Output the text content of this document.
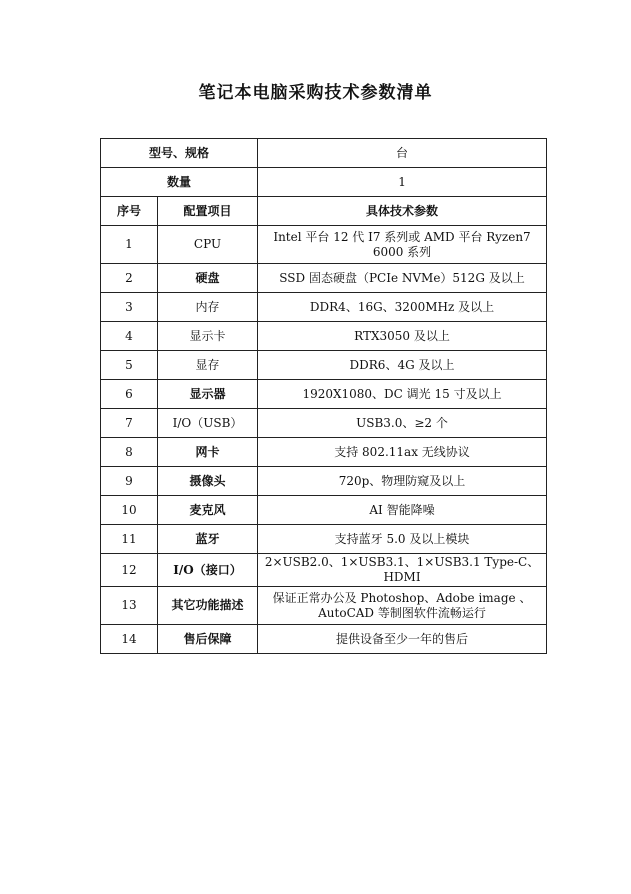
笔记本电脑采购技术参数清单
型号、规格		台
数量		1
序号	配置项目	具体技术参数
1	CPU	Intel 平台 12 代 I7 系列或 AMD 平台 Ryzen7 6000 系列
2	硬盘	SSD 固态硬盘（PCIe NVMe）512G 及以上
3	内存	DDR4、16G、3200MHz 及以上
4	显示卡	RTX3050 及以上
5	显存	DDR6、4G 及以上
6	显示器	1920X1080、DC 调光 15 寸及以上
7	I/O（USB）	USB3.0、≥2 个
8	网卡	支持 802.11ax 无线协议
9	摄像头	720p、物理防窥及以上
10	麦克风	AI 智能降噪
11	蓝牙	支持蓝牙 5.0 及以上模块
12	I/O（接口）	2×USB2.0、1×USB3.1、1×USB3.1 Type-C、HDMI
13	其它功能描述	保证正常办公及 Photoshop、Adobe image 、AutoCAD 等制图软件流畅运行
14	售后保障	提供设备至少一年的售后
